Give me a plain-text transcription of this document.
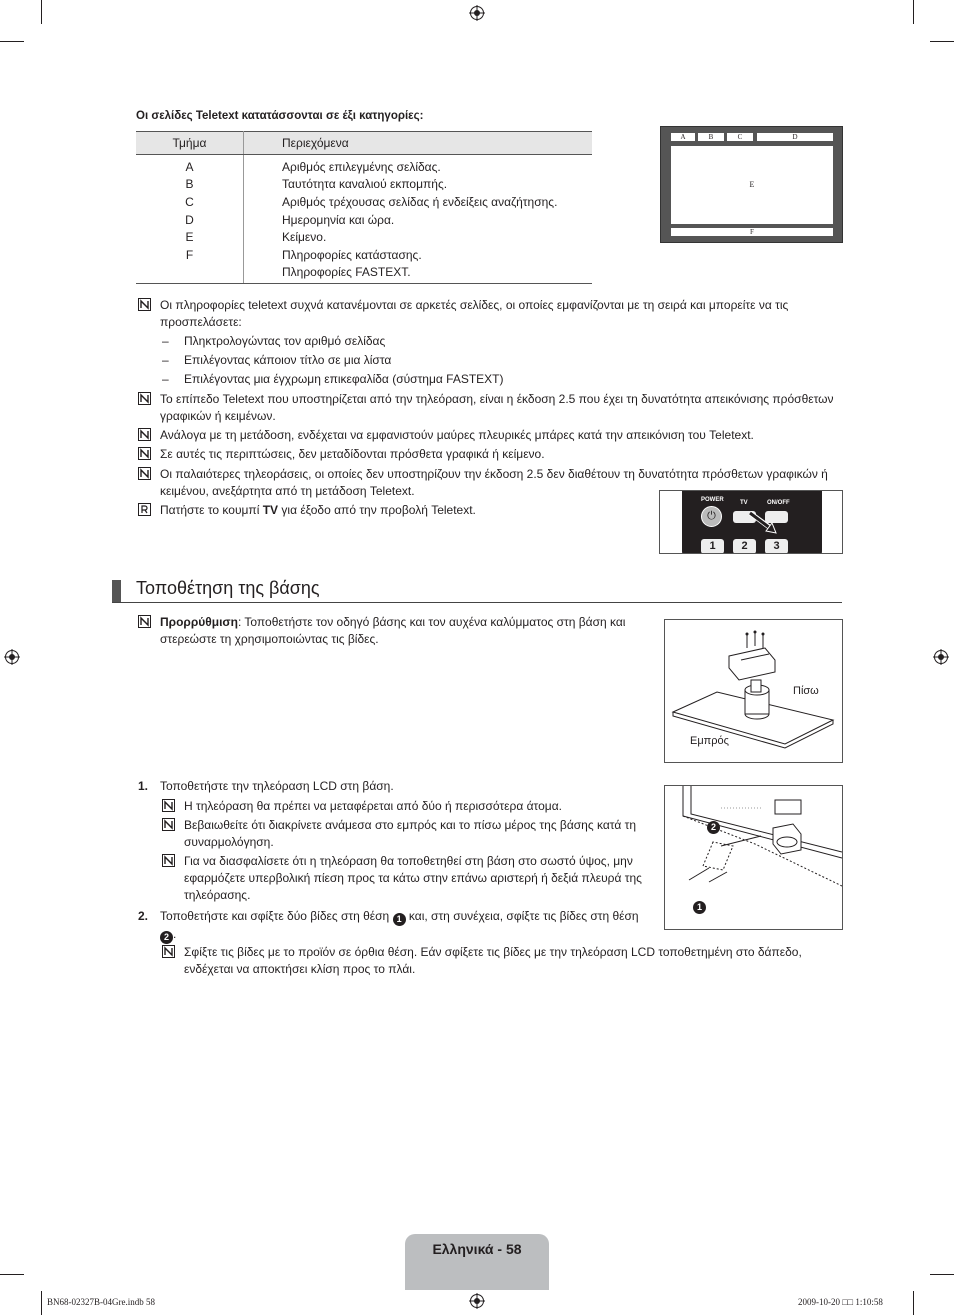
Οι σελίδες Teletext κατατάσσονται σε έξι κατηγορίες:
Τμήμα	Περιεχόμενα
A	Αριθμός επιλεγμένης σελίδας.
B	Ταυτότητα καναλιού εκπομπής.
C	Αριθμός τρέχουσας σελίδας ή ενδείξεις αναζήτησης.
D	Ημερομηνία και ώρα.
E	Κείμενο.
F	Πληροφορίες κατάστασης.
	Πληροφορίες FASTEXT.
A	B	C	D
E
F
Οι πληροφορίες teletext συχνά κατανέμονται σε αρκετές σελίδες, οι οποίες εμφανίζονται με τη σειρά και μπορείτε να τις προσπελάσετε:
– Πληκτρολογώντας τον αριθμό σελίδας
– Επιλέγοντας κάποιον τίτλο σε μια λίστα
– Επιλέγοντας μια έγχρωμη επικεφαλίδα (σύστημα FASTEXT)
Το επίπεδο Teletext που υποστηρίζεται από την τηλεόραση, είναι η έκδοση 2.5 που έχει τη δυνατότητα απεικόνισης πρόσθετων γραφικών ή κειμένων.
Ανάλογα με τη μετάδοση, ενδέχεται να εμφανιστούν μαύρες πλευρικές μπάρες κατά την απεικόνιση του Teletext.
Σε αυτές τις περιπτώσεις, δεν μεταδίδονται πρόσθετα γραφικά ή κείμενο.
Οι παλαιότερες τηλεοράσεις, οι οποίες δεν υποστηρίζουν την έκδοση 2.5 δεν διαθέτουν τη δυνατότητα πρόσθετων γραφικών ή κειμένου, ανεξάρτητα από τη μετάδοση Teletext.
Πατήστε το κουμπί TV για έξοδο από την προβολή Teletext.
POWER	TV	ON/OFF
⏻
1	2	3
Τοποθέτηση της βάσης
Προρρύθμιση: Τοποθετήστε τον οδηγό βάσης και τον αυχένα καλύμματος στη βάση και στερεώστε τη χρησιμοποιώντας τις βίδες.
Πίσω
Εμπρός
1. Τοποθετήστε την τηλεόραση LCD στη βάση.
Η τηλεόραση θα πρέπει να μεταφέρεται από δύο ή περισσότερα άτομα.
Βεβαιωθείτε ότι διακρίνετε ανάμεσα στο εμπρός και το πίσω μέρος της βάσης κατά τη συναρμολόγηση.
Για να διασφαλίσετε ότι η τηλεόραση θα τοποθετηθεί στη βάση στο σωστό ύψος, μην εφαρμόζετε υπερβολική πίεση προς τα κάτω στην επάνω αριστερή ή δεξιά πλευρά της τηλεόρασης.
2
1
2. Τοποθετήστε και σφίξτε δύο βίδες στη θέση 1 και, στη συνέχεια, σφίξτε τις βίδες στη θέση
2 .
Σφίξτε τις βίδες με το προϊόν σε όρθια θέση. Εάν σφίξετε τις βίδες με την τηλεόραση LCD τοποθετημένη στο δάπεδο, ενδέχεται να αποκτήσει κλίση προς το πλάι.
Ελληνικά - 58
BN68-02327B-04Gre.indb 58	2009-10-20 □□ 1:10:58
